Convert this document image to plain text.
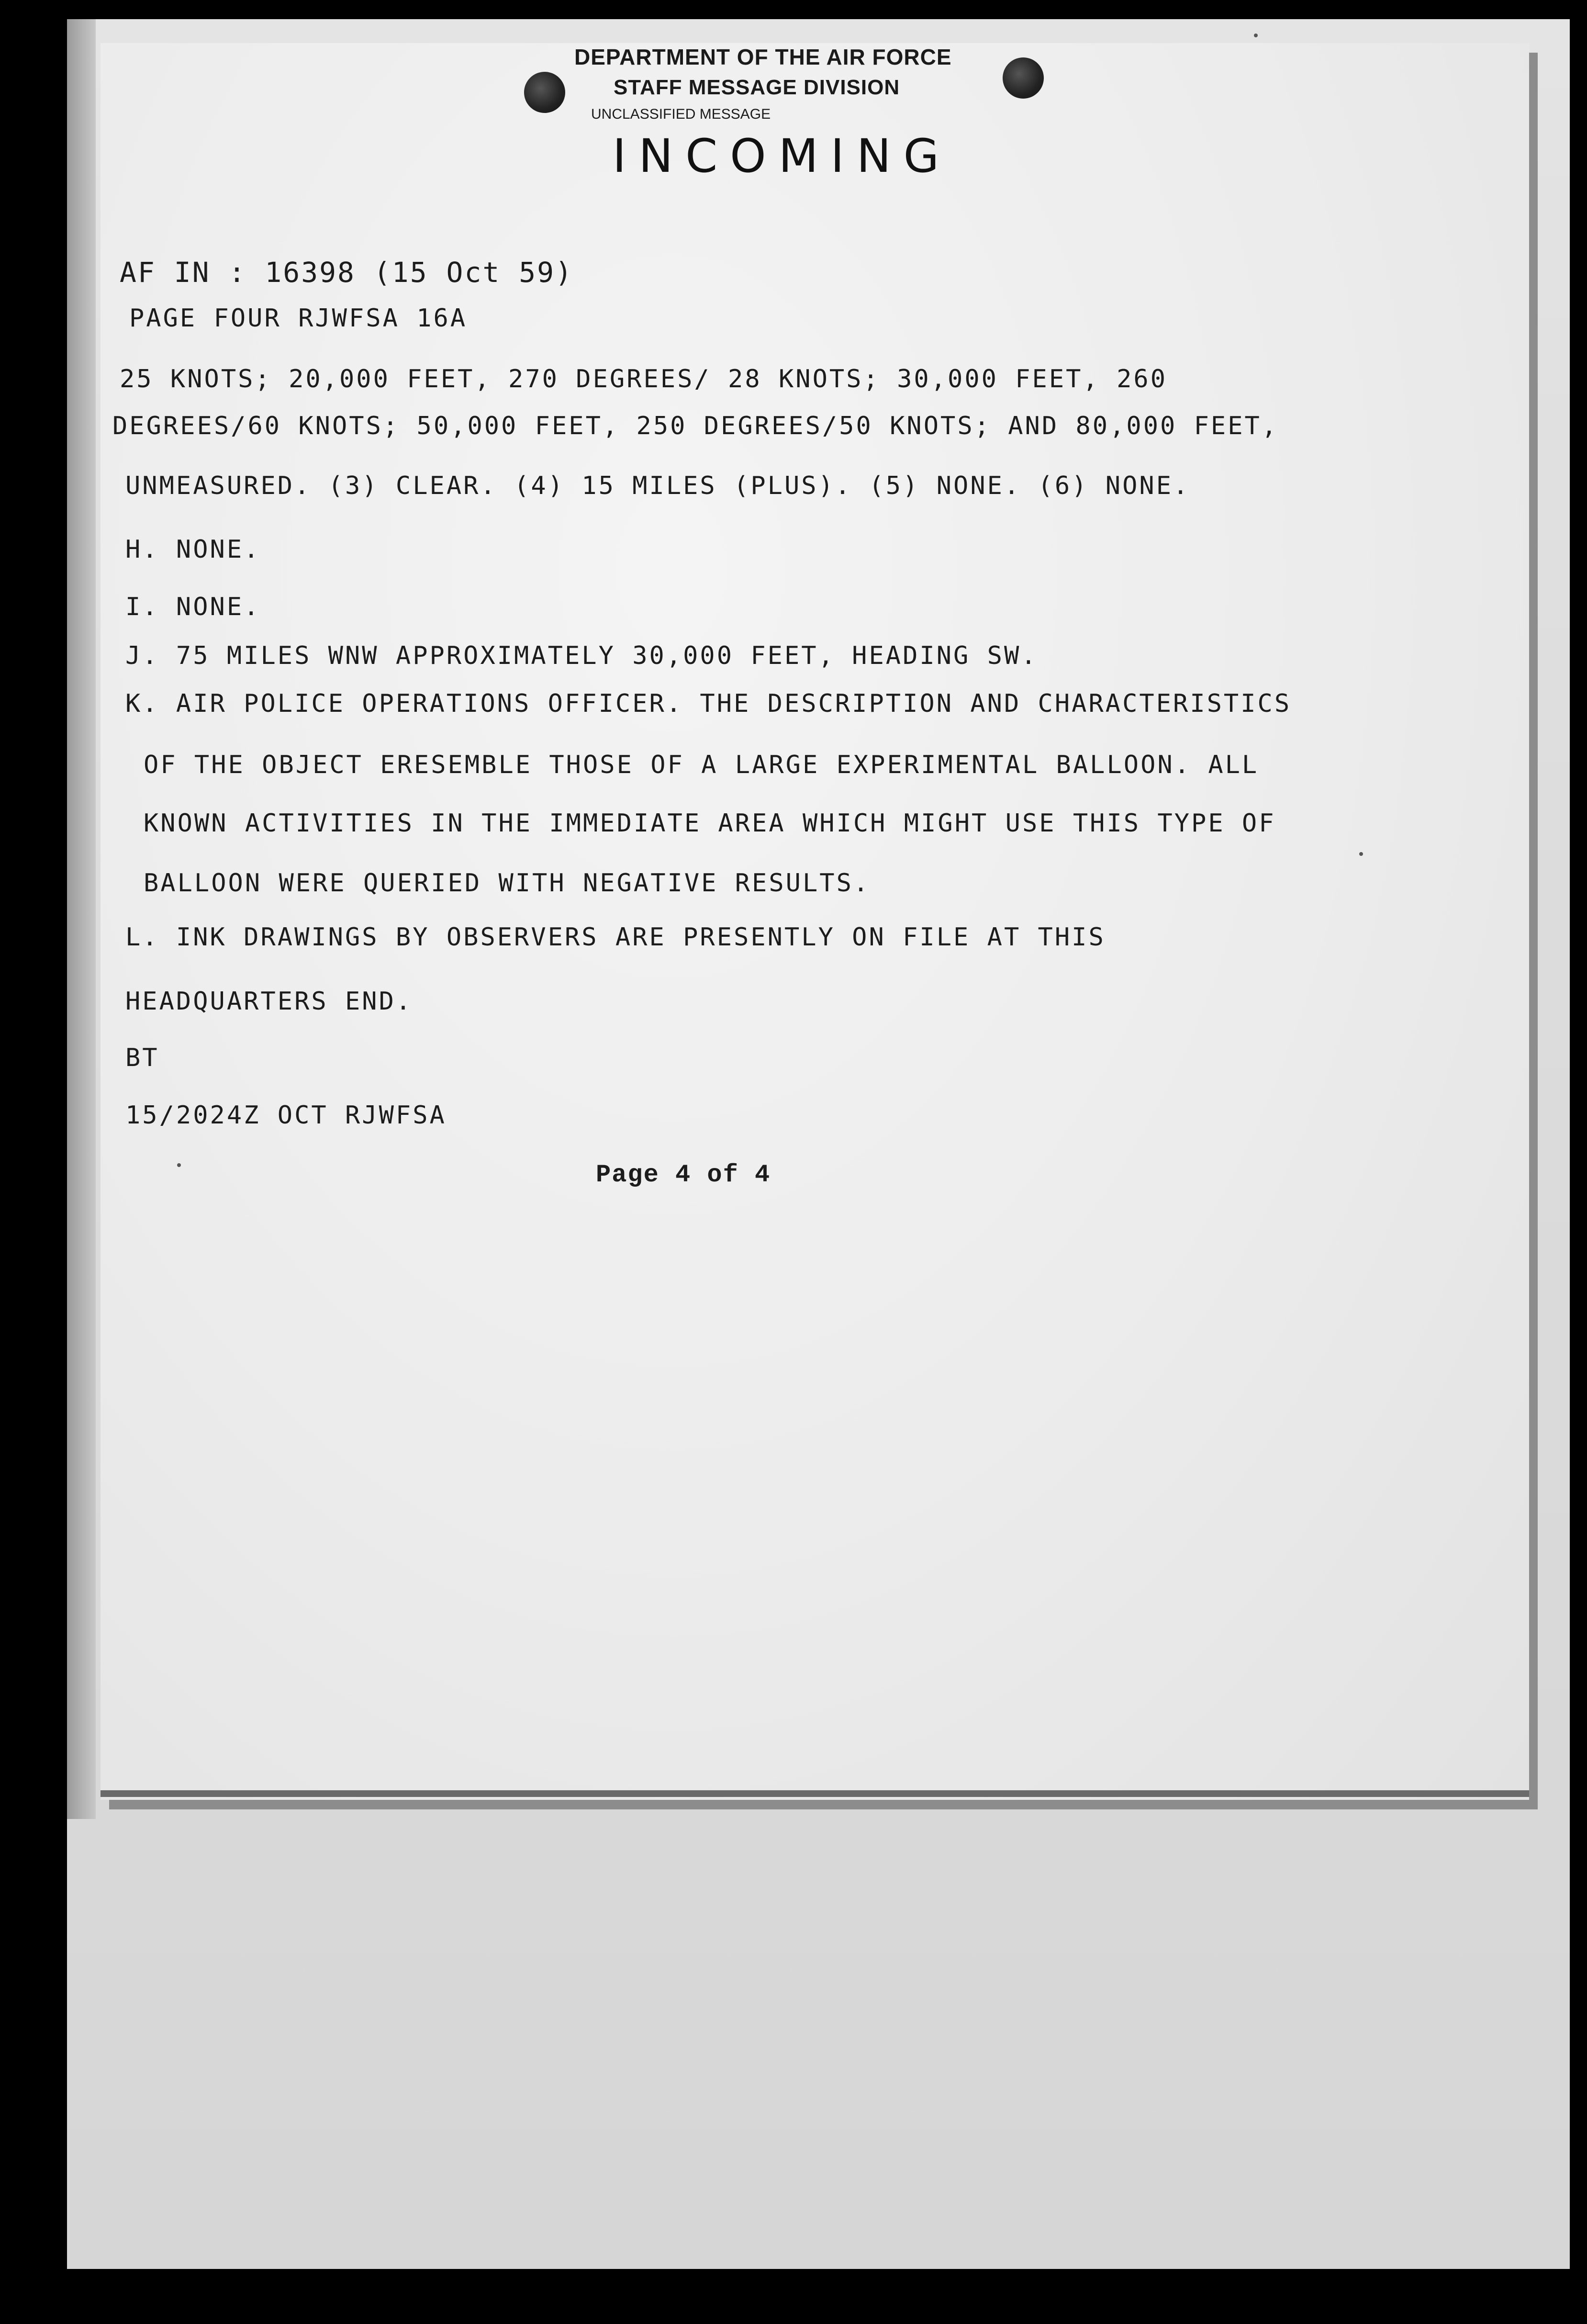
DEPARTMENT OF THE AIR FORCE
STAFF MESSAGE DIVISION
UNCLASSIFIED MESSAGE
INCOMING
AF IN : 16398 (15 Oct 59)
PAGE FOUR RJWFSA 16A
25 KNOTS; 20,000 FEET, 270 DEGREES/ 28 KNOTS; 30,000 FEET, 260
DEGREES/60 KNOTS; 50,000 FEET, 250 DEGREES/50 KNOTS; AND 80,000 FEET,
UNMEASURED. (3) CLEAR. (4) 15 MILES (PLUS). (5) NONE. (6) NONE.
H. NONE.
I. NONE.
J. 75 MILES WNW APPROXIMATELY 30,000 FEET, HEADING SW.
K. AIR POLICE OPERATIONS OFFICER. THE DESCRIPTION AND CHARACTERISTICS
OF THE OBJECT ERESEMBLE THOSE OF A LARGE EXPERIMENTAL BALLOON. ALL
KNOWN ACTIVITIES IN THE IMMEDIATE AREA WHICH MIGHT USE THIS TYPE OF
BALLOON WERE QUERIED WITH NEGATIVE RESULTS.
L. INK DRAWINGS BY OBSERVERS ARE PRESENTLY ON FILE AT THIS
HEADQUARTERS END.
BT
15/2024Z OCT RJWFSA
Page 4 of 4
